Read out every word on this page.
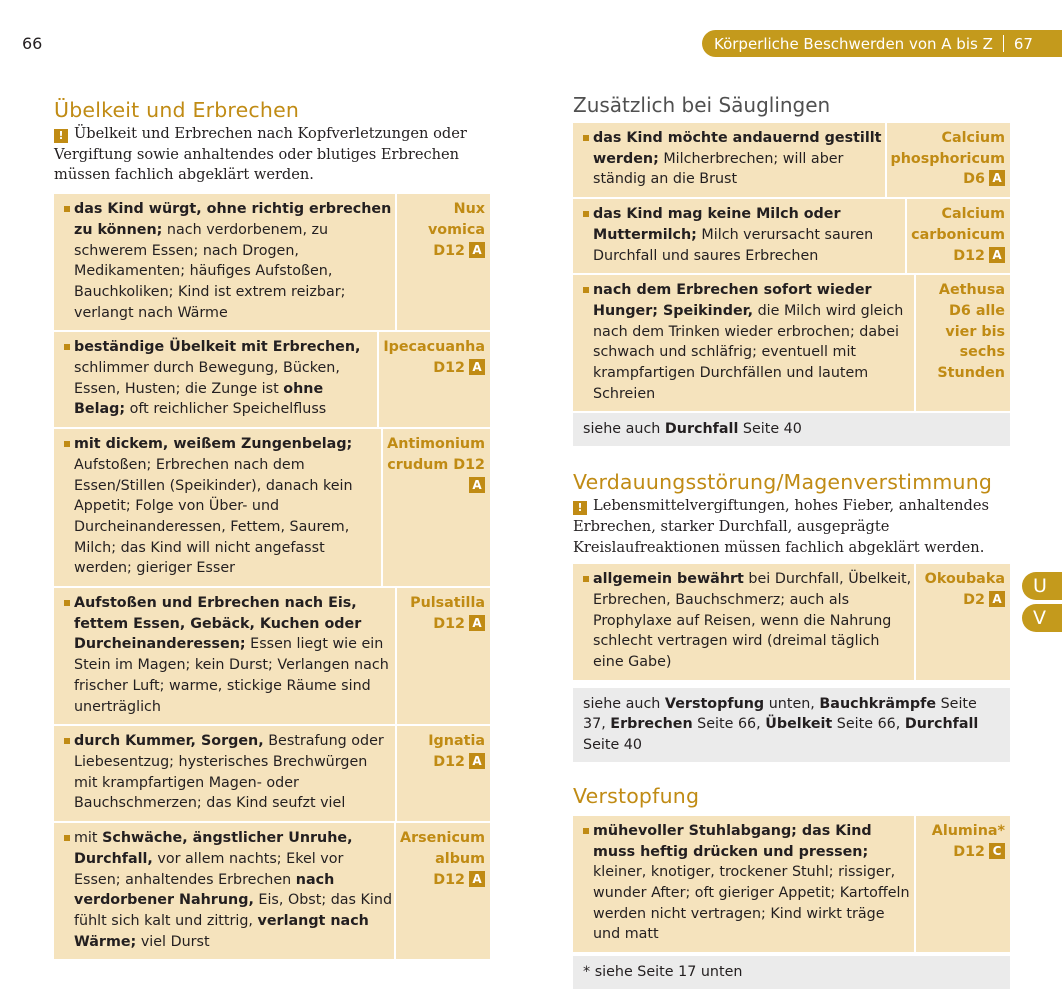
66	Körperliche Beschwerden von A bis Z 67
Übelkeit und Erbrechen

! Übelkeit und Erbrechen nach Kopfverletzungen oder Vergiftung sowie anhaltendes oder blutiges Erbrechen müssen fachlich abgeklärt werden.

das Kind würgt, ohne richtig erbrechen zu können; nach verdorbenem, zu schwerem Essen; nach Drogen, Medikamenten; häufiges Aufstoßen, Bauchkoliken; Kind ist extrem reizbar; verlangt nach Wärme
Nux vomica D12 A
beständige Übelkeit mit Erbrechen, schlimmer durch Bewegung, Bücken, Essen, Husten; die Zunge ist ohne Belag; oft reichlicher Speichelfluss
Ipecacuanha D12 A
mit dickem, weißem Zungenbelag; Aufstoßen; Erbrechen nach dem Essen/Stillen (Speikinder), danach kein Appetit; Folge von Über- und Durcheinanderessen, Fettem, Saurem, Milch; das Kind will nicht angefasst werden; gieriger Esser
Antimonium crudum D12A
Aufstoßen und Erbrechen nach Eis, fettem Essen, Gebäck, Kuchen oder Durcheinanderessen; Essen liegt wie ein Stein im Magen; kein Durst; Verlangen nach frischer Luft; warme, stickige Räume sind unerträglich
Pulsatilla D12 A
durch Kummer, Sorgen, Bestrafung oder Liebesentzug; hysterisches Brechwürgen mit krampfartigen Magen- oder Bauchschmerzen; das Kind seufzt viel
Ignatia D12 A
mit Schwäche, ängstlicher Unruhe, Durchfall, vor allem nachts; Ekel vor Essen; anhaltendes Erbrechen nach verdorbener Nahrung, Eis, Obst; das Kind fühlt sich kalt und zittrig, verlangt nach Wärme; viel Durst
Arsenicum album D12 A
Zusätzlich bei Säuglingen
das Kind möchte andauernd gestillt werden; Milcherbrechen; will aber ständig an die Brust
Calcium phosphoricum D6 A
das Kind mag keine Milch oder Muttermilch; Milch verursacht sauren Durchfall und saures Erbrechen
Calcium carbonicum D12 A
nach dem Erbrechen sofort wieder Hunger; Speikinder, die Milch wird gleich nach dem Trinken wieder erbrochen; dabei schwach und schläfrig; eventuell mit krampfartigen Durchfällen und lautem Schreien
Aethusa D6 alle vier bis sechs Stunden
siehe auch Durchfall Seite 40
Verdauungsstörung/Magenverstimmung

! Lebensmittelvergiftungen, hohes Fieber, anhaltendes Erbrechen, starker Durchfall, ausgeprägte Kreislaufreaktionen müssen fachlich abgeklärt werden.

allgemein bewährt bei Durchfall, Übelkeit, Erbrechen, Bauchschmerz; auch als Prophylaxe auf Reisen, wenn die Nahrung schlecht vertragen wird (dreimal täglich eine Gabe)
Okoubaka D2 A
siehe auch Verstopfung unten, Bauchkrämpfe Seite 37, Erbrechen Seite 66, Übelkeit Seite 66, Durchfall Seite 40
Verstopfung
mühevoller Stuhlabgang; das Kind muss heftig drücken und pressen; kleiner, knotiger, trockener Stuhl; rissiger, wunder After; oft gieriger Appetit; Kartoffeln werden nicht vertragen; Kind wirkt träge und matt
Alumina* D12 C
* siehe Seite 17 unten
U
V
